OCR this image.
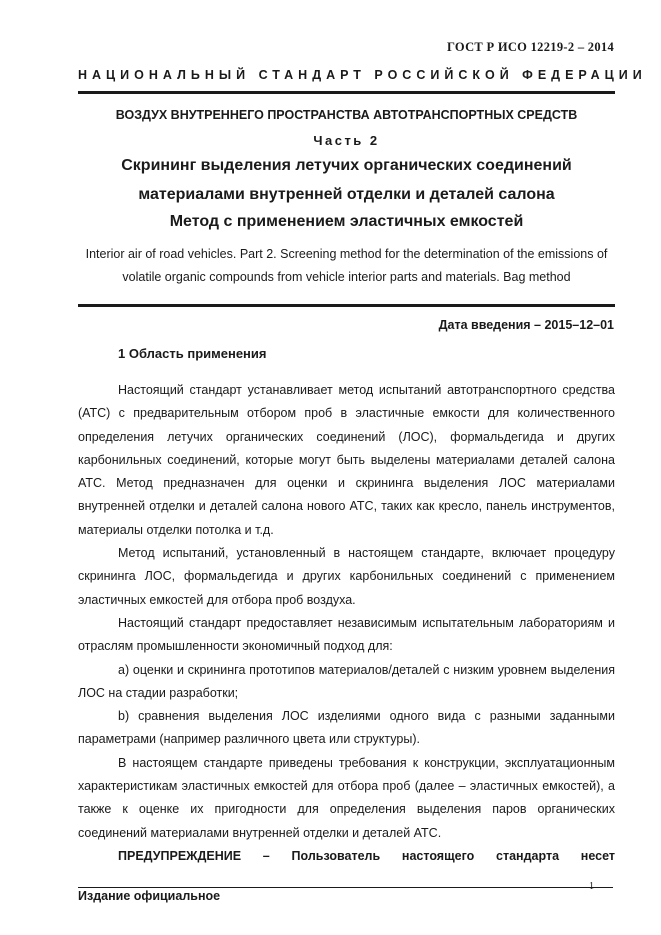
ГОСТ Р ИСО 12219-2 – 2014
НАЦИОНАЛЬНЫЙ СТАНДАРТ РОССИЙСКОЙ ФЕДЕРАЦИИ
ВОЗДУХ ВНУТРЕННЕГО ПРОСТРАНСТВА АВТОТРАНСПОРТНЫХ СРЕДСТВ
Часть 2
Скрининг выделения летучих органических соединений
материалами внутренней отделки и деталей салона
Метод с применением эластичных емкостей
Interior air of road vehicles. Part 2. Screening method for the determination of the emissions of
volatile organic compounds from vehicle interior parts and materials. Bag method
Дата введения – 2015–12–01
1 Область применения

Настоящий стандарт устанавливает метод испытаний автотранспортного средства (АТС) с предварительным отбором проб в эластичные емкости для количественного определения летучих органических соединений (ЛОС), формальдегида и других карбонильных соединений, которые могут быть выделены материалами деталей салона АТС. Метод предназначен для оценки и скрининга выделения ЛОС материалами внутренней отделки и деталей салона нового АТС, таких как кресло, панель инструментов, материалы отделки потолка и т.д.

Метод испытаний, установленный в настоящем стандарте, включает процедуру скрининга ЛОС, формальдегида и других карбонильных соединений с применением эластичных емкостей для отбора проб воздуха.

Настоящий стандарт предоставляет независимым испытательным лабораториям и отраслям промышленности экономичный подход для:

а) оценки и скрининга прототипов материалов/деталей с низким уровнем выделения ЛОС на стадии разработки;

b) сравнения выделения ЛОС изделиями одного вида с разными заданными параметрами (например различного цвета или структуры).

В настоящем стандарте приведены требования к конструкции, эксплуатационным характеристикам эластичных емкостей для отбора проб (далее – эластичных емкостей), а также к оценке их пригодности для определения выделения паров органических соединений материалами внутренней отделки и деталей АТС.

ПРЕДУПРЕЖДЕНИЕ – Пользователь настоящего стандарта несет

1
Издание официальное
